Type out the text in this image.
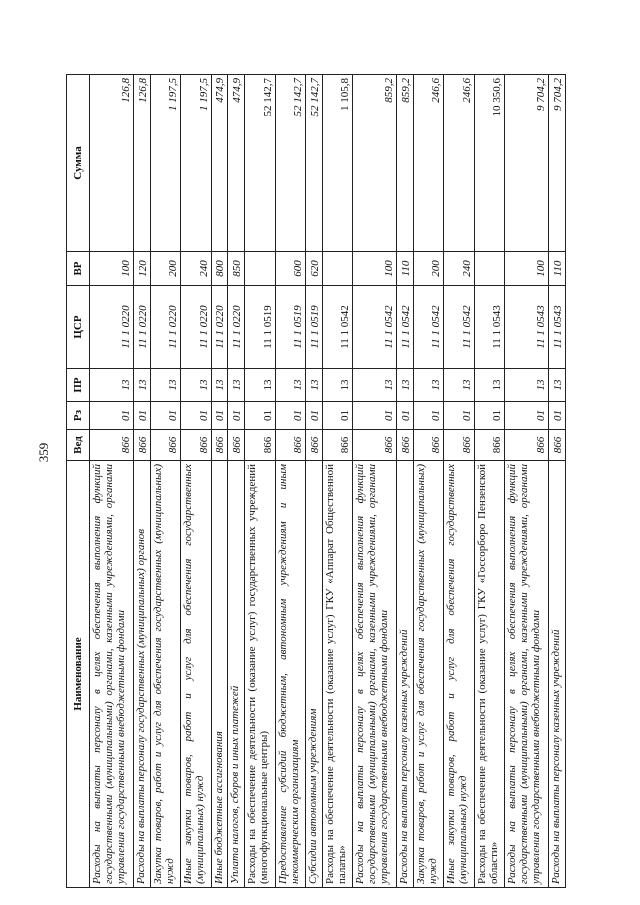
359
Наименование	Вед	Рз	ПР	ЦСР	ВР	Сумма
Расходы на выплаты персоналу в целях обеспечения выполнения функций государственными (муниципальными) органами, казенными учреждениями, органами управления государственными внебюджетными фондами	866	01	13	11 1 0220	100	126,8
Расходы на выплаты персоналу государственных (муниципальных) органов	866	01	13	11 1 0220	120	126,8
Закупка товаров, работ и услуг для обеспечения государственных (муниципальных) нужд	866	01	13	11 1 0220	200	1 197,5
Иные закупки товаров, работ и услуг для обеспечения государственных (муниципальных) нужд	866	01	13	11 1 0220	240	1 197,5
Иные бюджетные ассигнования	866	01	13	11 1 0220	800	474,9
Уплата налогов, сборов и иных платежей	866	01	13	11 1 0220	850	474,9
Расходы на обеспечение деятельности (оказание услуг) государственных учреждений (многофункциональные центры)	866	01	13	11 1 0519		52 142,7
Предоставление субсидий бюджетным, автономным учреждениям и иным некоммерческим организациям	866	01	13	11 1 0519	600	52 142,7
Субсидии автономным учреждениям	866	01	13	11 1 0519	620	52 142,7
Расходы на обеспечение деятельности (оказание услуг) ГКУ «Аппарат Общественной палаты»	866	01	13	11 1 0542		1 105,8
Расходы на выплаты персоналу в целях обеспечения выполнения функций государственными (муниципальными) органами, казенными учреждениями, органами управления государственными внебюджетными фондами	866	01	13	11 1 0542	100	859,2
Расходы на выплаты персоналу казенных учреждений	866	01	13	11 1 0542	110	859,2
Закупка товаров, работ и услуг для обеспечения государственных (муниципальных) нужд	866	01	13	11 1 0542	200	246,6
Иные закупки товаров, работ и услуг для обеспечения государственных (муниципальных) нужд	866	01	13	11 1 0542	240	246,6
Расходы на обеспечение деятельности (оказание услуг) ГКУ «Госсорборо Пензенской области»	866	01	13	11 1 0543		10 350,6
Расходы на выплаты персоналу в целях обеспечения выполнения функций государственными (муниципальными) органами, казенными учреждениями, органами управления государственными внебюджетными фондами	866	01	13	11 1 0543	100	9 704,2
Расходы на выплаты персоналу казенных учреждений	866	01	13	11 1 0543	110	9 704,2
